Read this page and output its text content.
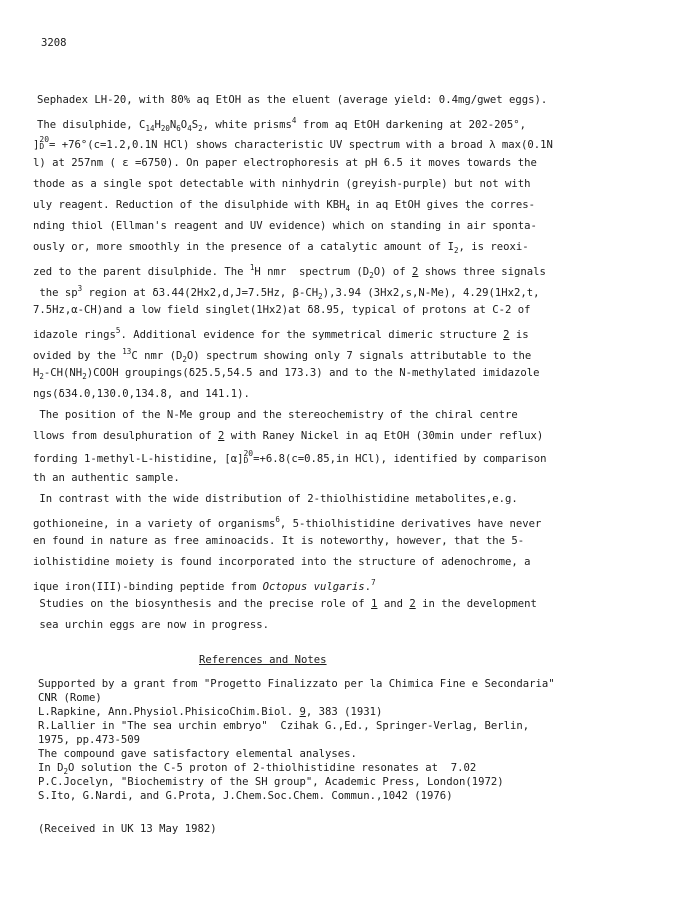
3208
Sephadex LH-20, with 80% aq EtOH as the eluent (average yield: 0.4mg/gwet eggs).
The disulphide, $C_{14}H_{20}N_6O_4S_2$, white prisms$^4$ from aq EtOH darkening at 202-205°,
]20
D = +76°(c=1.2,0.1N HCl) shows characteristic UV spectrum with a broad λ max(0.1N
l) at 257nm ( ε =6750). On paper electrophoresis at pH 6.5 it moves towards the
thode as a single spot detectable with ninhydrin (greyish-purple) but not with
uly reagent. Reduction of the disulphide with $KBH_4$ in aq EtOH gives the corres-
nding thiol (Ellman's reagent and UV evidence) which on standing in air sponta-
ously or, more smoothly in the presence of a catalytic amount of $I_2$, is reoxi-
zed to the parent disulphide. The $^1$H nmr  spectrum $(D_2O)$ of 2 shows three signals
the $sp^3$ region at δ3.44(2Hx2,d,J=7.5Hz, $\beta-CH_2),3.94$ (3Hx2,s,N-Me), 4.29(1Hx2,t,
7.5Hz,α-CH)and a low field singlet(1Hx2)at δ8.95, typical of protons at C-2 of
idazole rings$^5$. Additional evidence for the symmetrical dimeric structure 2 is
ovided by the $^{13}$C nmr $(D_2O)$ spectrum showing only 7 signals attributable to the
$H_2-CH(NH_2)COOH$ groupings(δ25.5,54.5 and 173.3) and to the N-methylated imidazole
ngs(δ34.0,130.0,134.8, and 141.1).
The position of the N-Me group and the stereochemistry of the chiral centre
llows from desulphuration of 2 with Raney Nickel in aq EtOH (30min under reflux)
fording 1-methyl-L-histidine, [α]20
D =+6.8(c=0.85,in HCl), identified by comparison
th an authentic sample.
In contrast with the wide distribution of 2-thiolhistidine metabolites,e.g.
gothioneine, in a variety of organisms$^6$, 5-thiolhistidine derivatives have never
en found in nature as free aminoacids. It is noteworthy, however, that the 5-
iolhistidine moiety is found incorporated into the structure of adenochrome, a
ique iron(III)-binding peptide from Octopus vulgaris.$^7$
Studies on the biosynthesis and the precise role of 1 and 2 in the development
sea urchin eggs are now in progress.
References and Notes
Supported by a grant from "Progetto Finalizzato per la Chimica Fine e Secondaria"
CNR (Rome)
L.Rapkine, Ann.Physiol.PhisicoChim.Biol. 9, 383 (1931)
R.Lallier in "The sea urchin embryo"  Czihak G.,Ed., Springer-Verlag, Berlin,
1975, pp.473-509
The compound gave satisfactory elemental analyses.
In $D_2O$ solution the C-5 proton of 2-thiolhistidine resonates at  7.02
P.C.Jocelyn, "Biochemistry of the SH group", Academic Press, London(1972)
S.Ito, G.Nardi, and G.Prota, J.Chem.Soc.Chem. Commun.,1042 (1976)
(Received in UK 13 May 1982)
